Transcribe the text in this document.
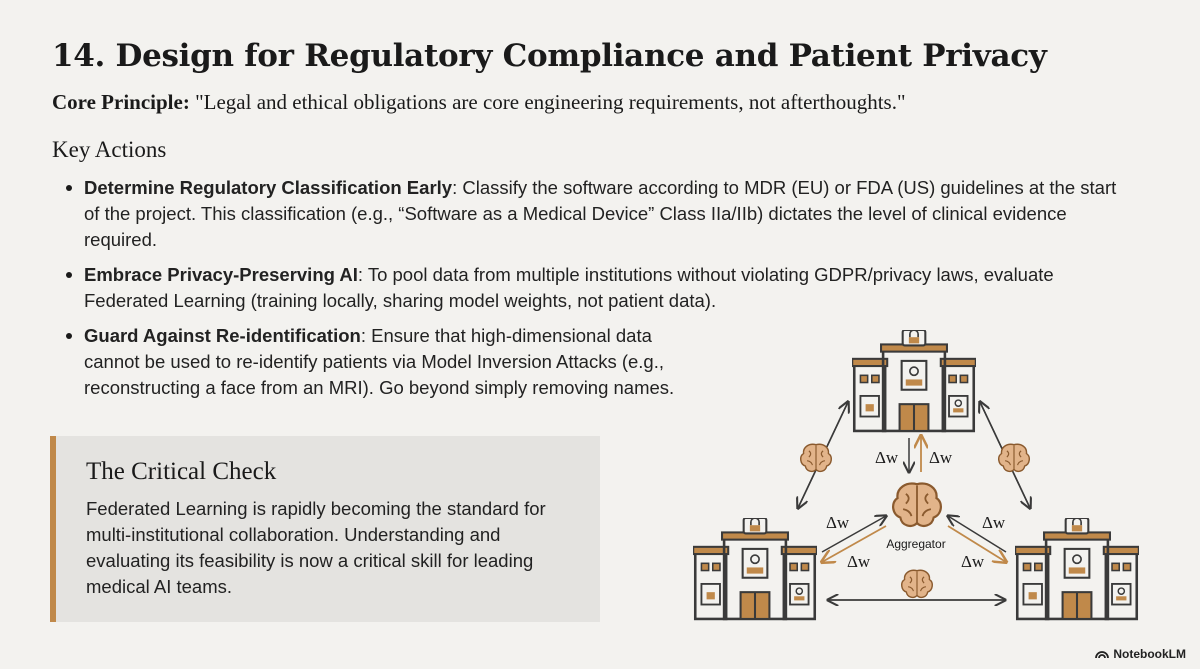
14. Design for Regulatory Compliance and Patient Privacy
Core Principle: "Legal and ethical obligations are core engineering requirements, not afterthoughts."
Key Actions
Determine Regulatory Classification Early: Classify the software according to MDR (EU) or FDA (US) guidelines at the start of the project. This classification (e.g., “Software as a Medical Device” Class IIa/IIb) dictates the level of clinical evidence required.
Embrace Privacy-Preserving AI: To pool data from multiple institutions without violating GDPR/privacy laws, evaluate Federated Learning (training locally, sharing model weights, not patient data).
Guard Against Re-identification: Ensure that high-dimensional data cannot be used to re-identify patients via Model Inversion Attacks (e.g., reconstructing a face from an MRI). Go beyond simply removing names.
The Critical Check
Federated Learning is rapidly becoming the standard for multi-institutional collaboration. Understanding and evaluating its feasibility is now a critical skill for leading medical AI teams.
Aggregator
Δw Δw
Δw
Δw
Δw
Δw
NotebookLM
